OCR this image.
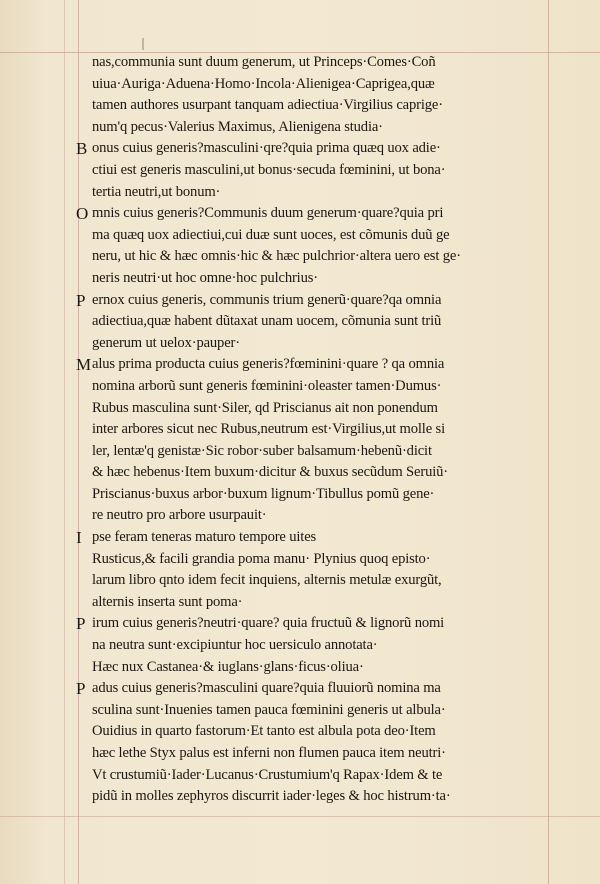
nas,communia sunt duum generum, ut Princeps·Comes·Coñ
uiua·Auriga·Aduena·Homo·Incola·Alienigea·Caprigea,quæ
tamen authores usurpant tanquam adiectiua·Virgilius caprige·
num'q pecus·Valerius Maximus, Alienigena studia·
B onus cuius generis?masculini·qre?quia prima quæq uox adie·
ctiui est generis masculini,ut bonus·secuda fœminini, ut bona·
tertia neutri,ut bonum·
O mnis cuius generis?Communis duum generum·quare?quia pri
ma quæq uox adiectiui,cui duæ sunt uoces, est cõmunis duũ ge
neru, ut hic & hæc omnis·hic & hæc pulchrior·altera uero est ge·
neris neutri·ut hoc omne·hoc pulchrius·
P ernox cuius generis, communis trium generũ·quare?qa omnia
adiectiua,quæ habent dũtaxat unam uocem, cõmunia sunt triũ
generum ut uelox·pauper·
M alus prima producta cuius generis?fœminini·quare ? qa omnia
nomina arborũ sunt generis fœminini·oleaster tamen·Dumus·
Rubus masculina sunt·Siler, qd Priscianus ait non ponendum
inter arbores sicut nec Rubus,neutrum est·Virgilius,ut molle si
ler, lentæ'q genistæ·Sic robor·suber balsamum·hebenũ·dicit
& hæc hebenus·Item buxum·dicitur & buxus secũdum Seruiũ·
Priscianus·buxus arbor·buxum lignum·Tibullus pomũ gene·
re neutro pro arbore usurpauit·
I pse feram teneras maturo tempore uites
Rusticus,& facili grandia poma manu· Plynius quoq episto·
larum libro qnto idem fecit inquiens, alternis metulæ exurgũt,
alternis inserta sunt poma·
P irum cuius generis?neutri·quare? quia fructuũ & lignorũ nomi
na neutra sunt·excipiuntur hoc uersiculo annotata·
Hæc nux Castanea·& iuglans·glans·ficus·oliua·
P adus cuius generis?masculini quare?quia fluuiorũ nomina ma
sculina sunt·Inuenies tamen pauca fœminini generis ut albula·
Ouidius in quarto fastorum·Et tanto est albula pota deo·Item
hæc lethe Styx palus est inferni non flumen pauca item neutri·
Vt crustumiũ·Iader·Lucanus·Crustumium'q Rapax·Idem & te
pidũ in molles zephyros discurrit iader·leges & hoc histrum·ta·
